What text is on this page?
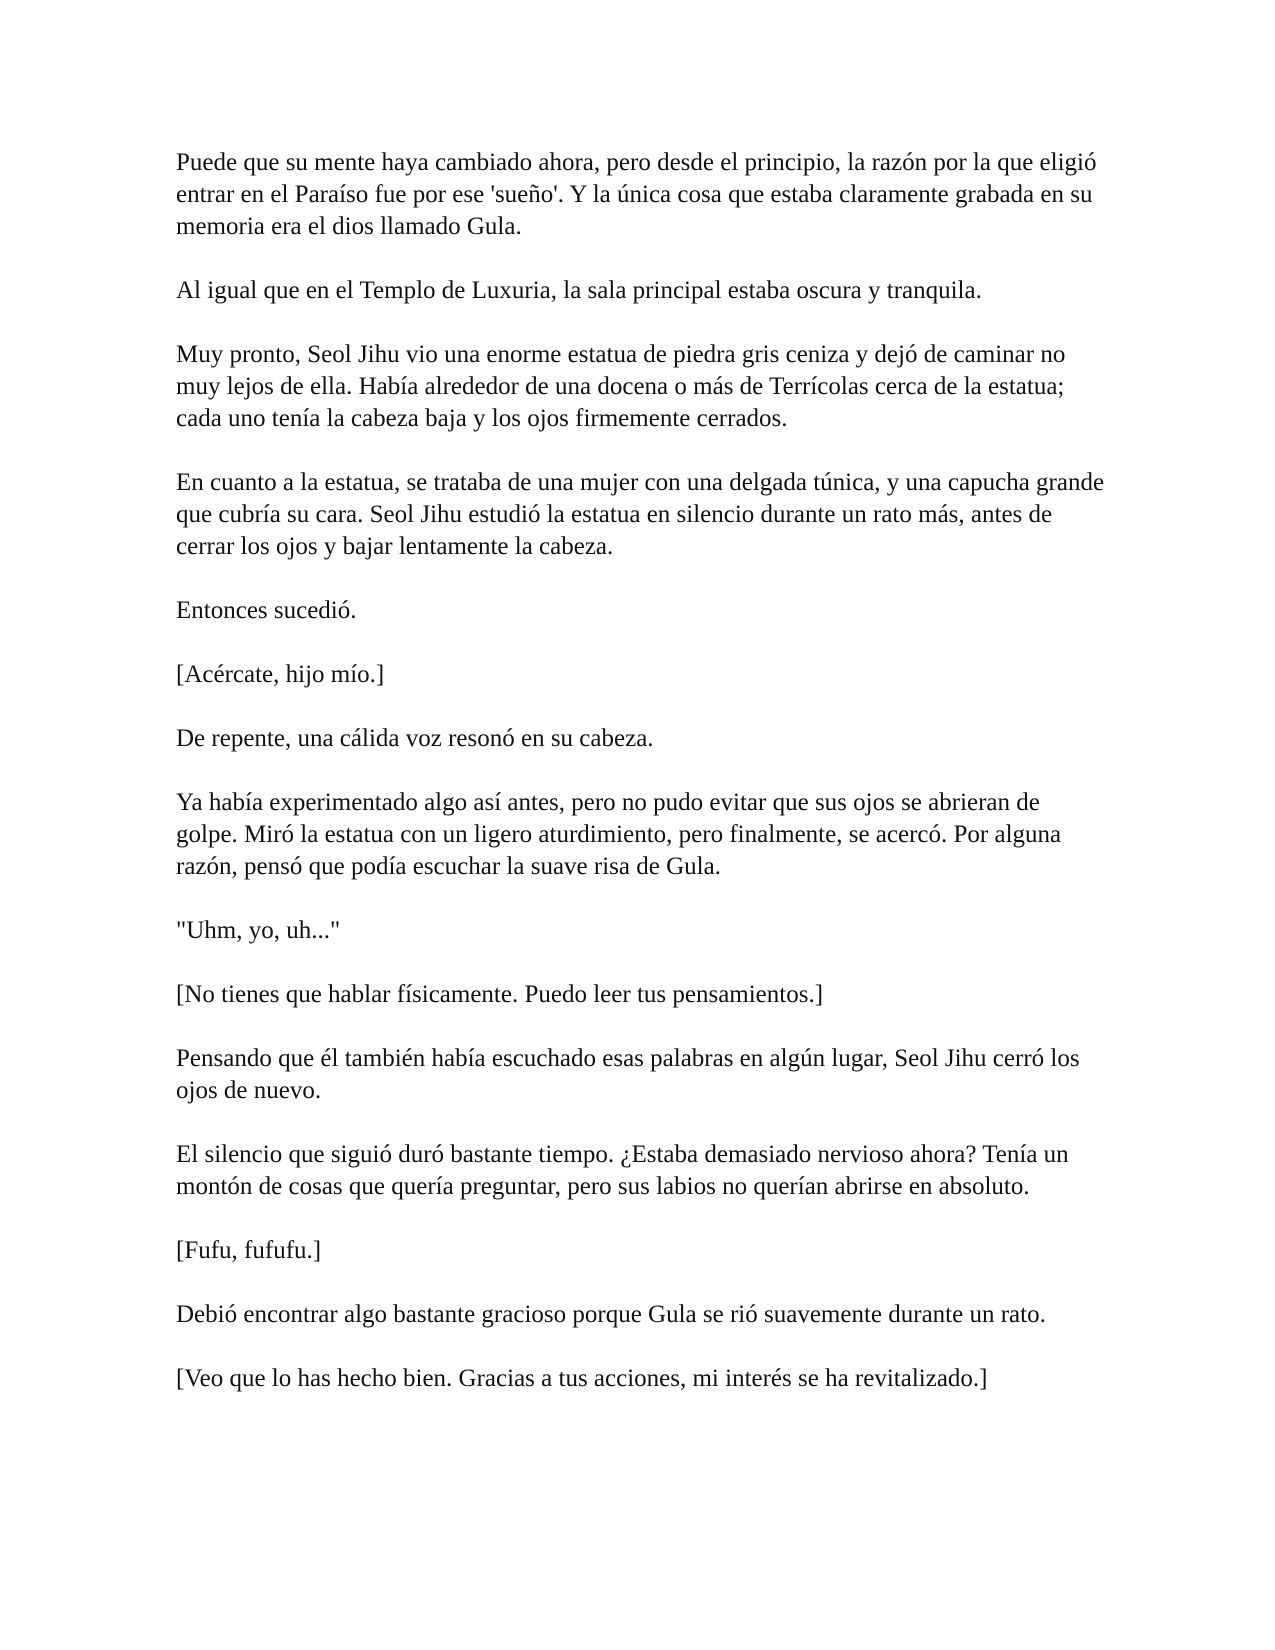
Puede que su mente haya cambiado ahora, pero desde el principio, la razón por la que eligió entrar en el Paraíso fue por ese 'sueño'. Y la única cosa que estaba claramente grabada en su memoria era el dios llamado Gula.

Al igual que en el Templo de Luxuria, la sala principal estaba oscura y tranquila.

Muy pronto, Seol Jihu vio una enorme estatua de piedra gris ceniza y dejó de caminar no muy lejos de ella. Había alrededor de una docena o más de Terrícolas cerca de la estatua; cada uno tenía la cabeza baja y los ojos firmemente cerrados.

En cuanto a la estatua, se trataba de una mujer con una delgada túnica, y una capucha grande que cubría su cara. Seol Jihu estudió la estatua en silencio durante un rato más, antes de cerrar los ojos y bajar lentamente la cabeza.

Entonces sucedió.

[Acércate, hijo mío.]

De repente, una cálida voz resonó en su cabeza.

Ya había experimentado algo así antes, pero no pudo evitar que sus ojos se abrieran de golpe. Miró la estatua con un ligero aturdimiento, pero finalmente, se acercó. Por alguna razón, pensó que podía escuchar la suave risa de Gula.

"Uhm, yo, uh..."

[No tienes que hablar físicamente. Puedo leer tus pensamientos.]

Pensando que él también había escuchado esas palabras en algún lugar, Seol Jihu cerró los ojos de nuevo.

El silencio que siguió duró bastante tiempo. ¿Estaba demasiado nervioso ahora? Tenía un montón de cosas que quería preguntar, pero sus labios no querían abrirse en absoluto.

[Fufu, fufufu.]

Debió encontrar algo bastante gracioso porque Gula se rió suavemente durante un rato.

[Veo que lo has hecho bien. Gracias a tus acciones, mi interés se ha revitalizado.]
